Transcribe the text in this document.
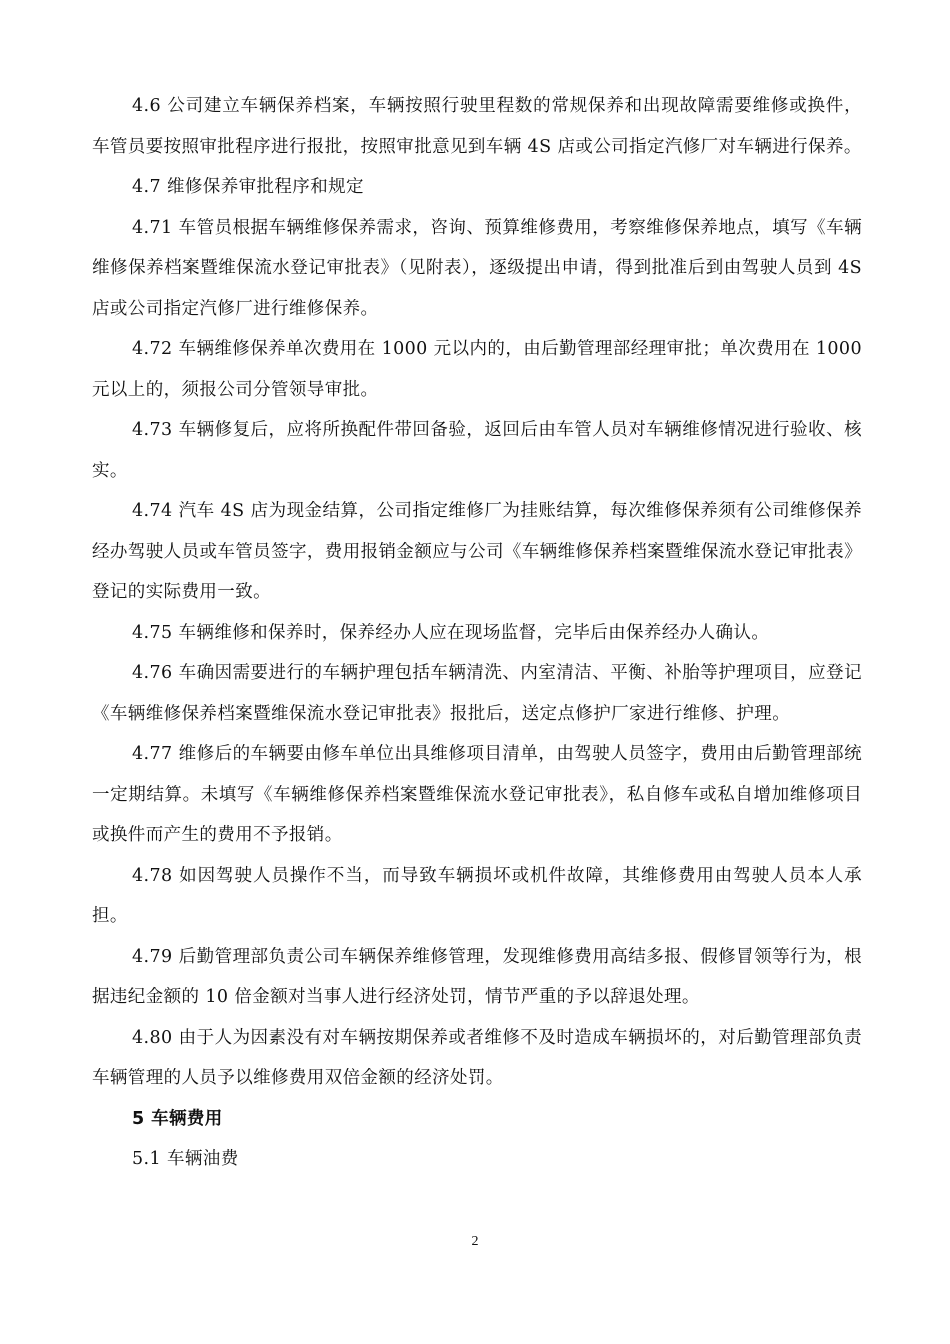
4.6 公司建立车辆保养档案，车辆按照行驶里程数的常规保养和出现故障需要维修或换件，车管员要按照审批程序进行报批，按照审批意见到车辆 4S 店或公司指定汽修厂对车辆进行保养。

4.7 维修保养审批程序和规定

4.71 车管员根据车辆维修保养需求，咨询、预算维修费用，考察维修保养地点，填写《车辆维修保养档案暨维保流水登记审批表》（见附表），逐级提出申请，得到批准后到由驾驶人员到 4S 店或公司指定汽修厂进行维修保养。

4.72 车辆维修保养单次费用在 1000 元以内的，由后勤管理部经理审批；单次费用在 1000 元以上的，须报公司分管领导审批。

4.73 车辆修复后，应将所换配件带回备验，返回后由车管人员对车辆维修情况进行验收、核实。

4.74 汽车 4S 店为现金结算，公司指定维修厂为挂账结算，每次维修保养须有公司维修保养经办驾驶人员或车管员签字，费用报销金额应与公司《车辆维修保养档案暨维保流水登记审批表》登记的实际费用一致。

4.75 车辆维修和保养时，保养经办人应在现场监督，完毕后由保养经办人确认。

4.76 车确因需要进行的车辆护理包括车辆清洗、内室清洁、平衡、补胎等护理项目，应登记《车辆维修保养档案暨维保流水登记审批表》报批后，送定点修护厂家进行维修、护理。

4.77 维修后的车辆要由修车单位出具维修项目清单，由驾驶人员签字，费用由后勤管理部统一定期结算。未填写《车辆维修保养档案暨维保流水登记审批表》，私自修车或私自增加维修项目或换件而产生的费用不予报销。

4.78 如因驾驶人员操作不当，而导致车辆损坏或机件故障，其维修费用由驾驶人员本人承担。

4.79 后勤管理部负责公司车辆保养维修管理，发现维修费用高结多报、假修冒领等行为，根据违纪金额的 10 倍金额对当事人进行经济处罚，情节严重的予以辞退处理。

4.80 由于人为因素没有对车辆按期保养或者维修不及时造成车辆损坏的，对后勤管理部负责车辆管理的人员予以维修费用双倍金额的经济处罚。

5 车辆费用

5.1 车辆油费

2
